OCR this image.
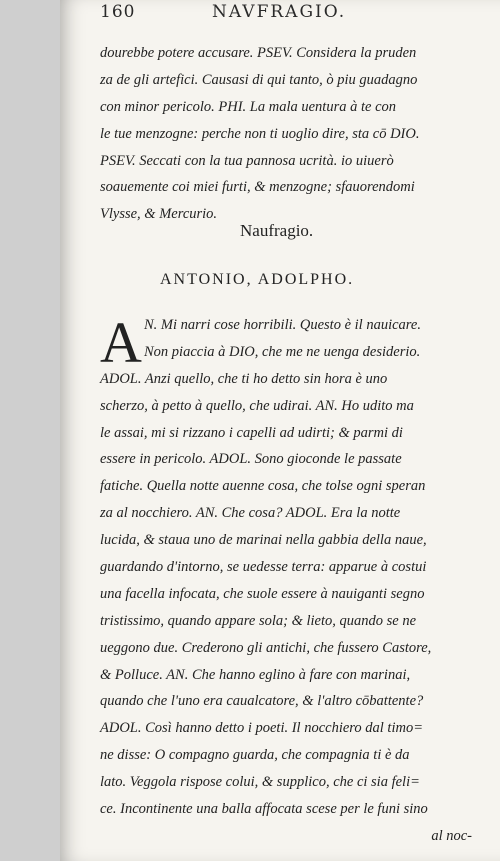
160	NAVFRAGIO.
dourebbe potere accusare. PSEV. Considera la pruden
za de gli artefici. Causasi di qui tanto, ò piu guadagno
con minor pericolo. PHI. La mala uentura à te con
le tue menzogne: perche non ti uoglio dire, sta cō DIO.
PSEV. Seccati con la tua pannosa ucrità. io uiuerò
soauemente coi miei furti, & menzogne; sfauorendomi
Vlysse, & Mercurio.
Naufragio.
ANTONIO, ADOLPHO.
A N. Mi narri cose horribili. Questo è il nauicare.
Non piaccia à DIO, che me ne uenga desiderio.
ADOL. Anzi quello, che ti ho detto sin hora è uno
scherzo, à petto à quello, che udirai. AN. Ho udito ma
le assai, mi si rizzano i capelli ad udirti; & parmi di
essere in pericolo. ADOL. Sono gioconde le passate
fatiche. Quella notte auenne cosa, che tolse ogni speran
za al nocchiero. AN. Che cosa? ADOL. Era la notte
lucida, & staua uno de marinai nella gabbia della naue,
guardando d'intorno, se uedesse terra: apparue à costui
una facella infocata, che suole essere à nauiganti segno
tristissimo, quando appare sola; & lieto, quando se ne
ueggono due. Crederono gli antichi, che fussero Castore,
& Polluce. AN. Che hanno eglino à fare con marinai,
quando che l'uno era caualcatore, & l'altro cōbattente?
ADOL. Così hanno detto i poeti. Il nocchiero dal timo=
ne disse: O compagno guarda, che compagnia ti è da
lato. Veggola rispose colui, & supplico, che ci sia feli=
ce. Incontinente una balla affocata scese per le funi sino
al noc-
